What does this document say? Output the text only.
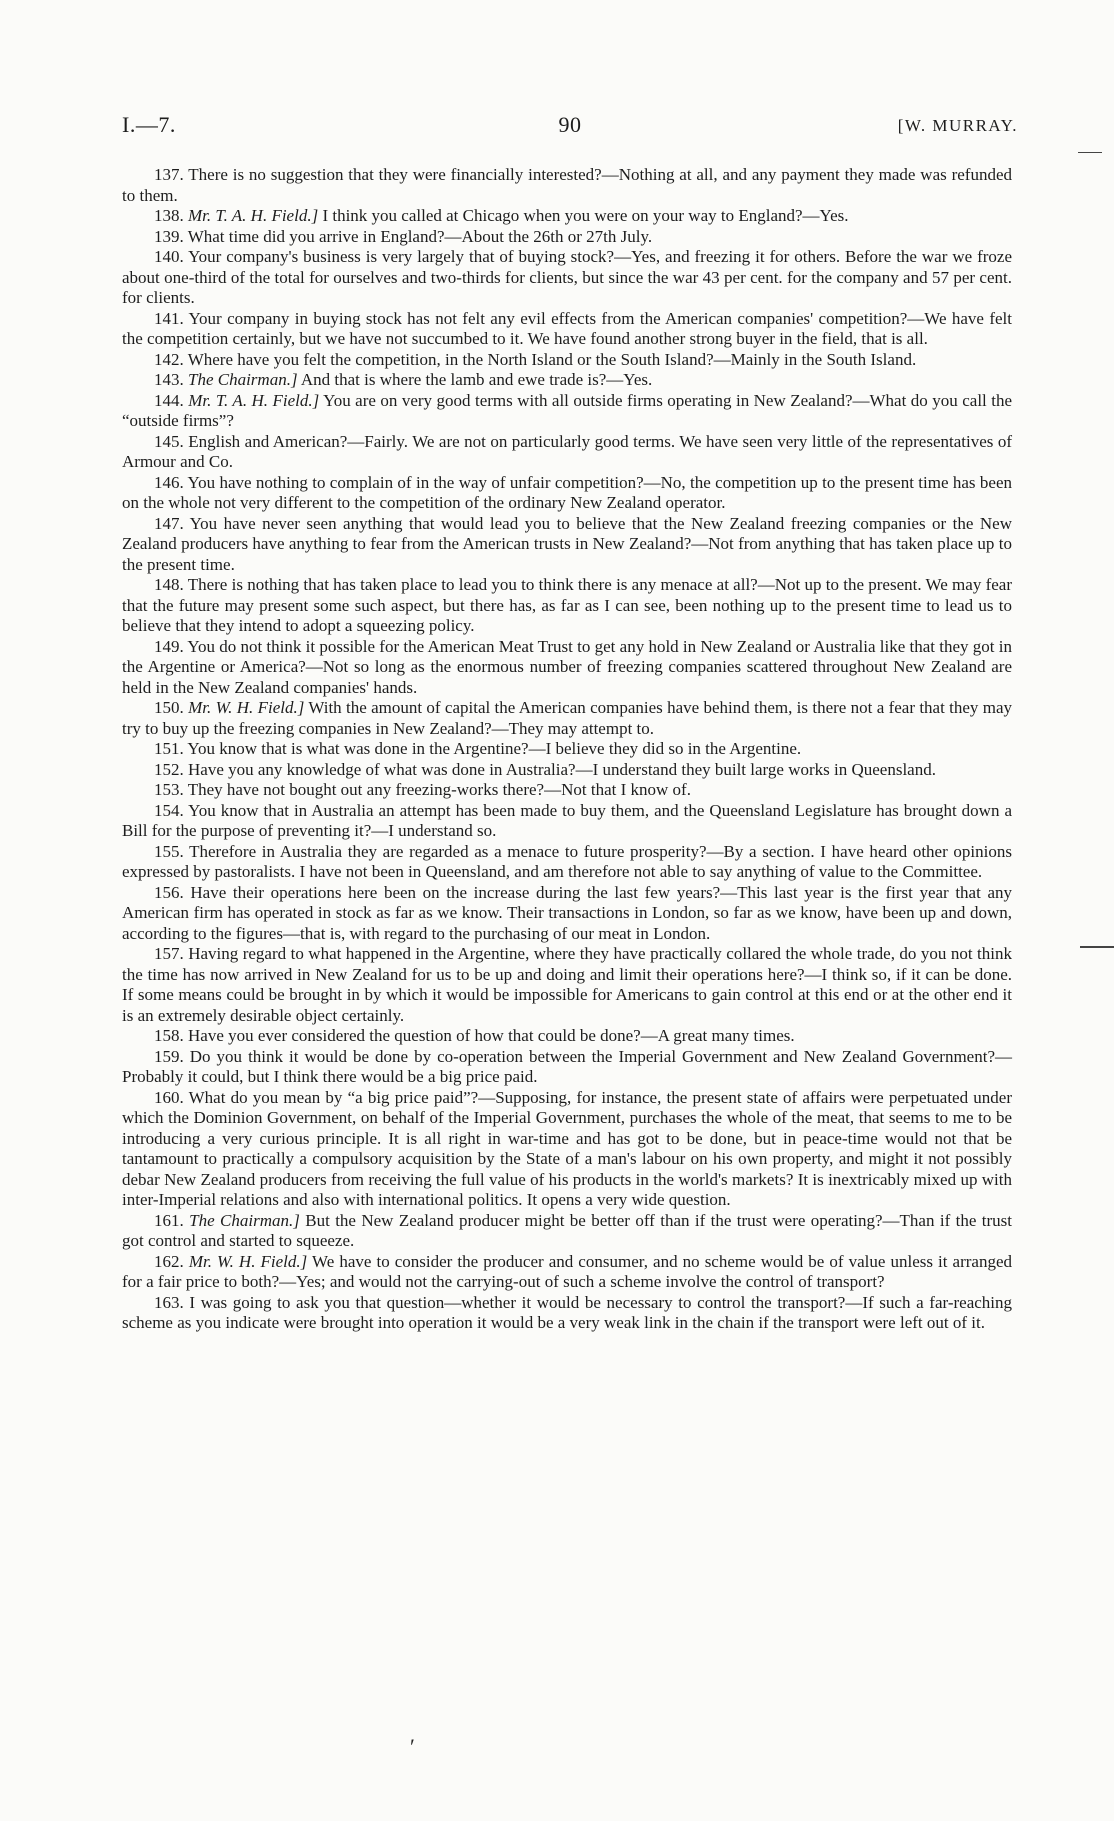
I.—7.	90	[W. MURRAY.
′

137. There is no suggestion that they were financially interested?—Nothing at all, and any payment they made was refunded to them.

138. Mr. T. A. H. Field.] I think you called at Chicago when you were on your way to England?—Yes.

139. What time did you arrive in England?—About the 26th or 27th July.

140. Your company's business is very largely that of buying stock?—Yes, and freezing it for others. Before the war we froze about one-third of the total for ourselves and two-thirds for clients, but since the war 43 per cent. for the company and 57 per cent. for clients.

141. Your company in buying stock has not felt any evil effects from the American companies' competition?—We have felt the competition certainly, but we have not succumbed to it. We have found another strong buyer in the field, that is all.

142. Where have you felt the competition, in the North Island or the South Island?—Mainly in the South Island.

143. The Chairman.] And that is where the lamb and ewe trade is?—Yes.

144. Mr. T. A. H. Field.] You are on very good terms with all outside firms operating in New Zealand?—What do you call the “outside firms”?

145. English and American?—Fairly. We are not on particularly good terms. We have seen very little of the representatives of Armour and Co.

146. You have nothing to complain of in the way of unfair competition?—No, the competition up to the present time has been on the whole not very different to the competition of the ordinary New Zealand operator.

147. You have never seen anything that would lead you to believe that the New Zealand freezing companies or the New Zealand producers have anything to fear from the American trusts in New Zealand?—Not from anything that has taken place up to the present time.

148. There is nothing that has taken place to lead you to think there is any menace at all?—Not up to the present. We may fear that the future may present some such aspect, but there has, as far as I can see, been nothing up to the present time to lead us to believe that they intend to adopt a squeezing policy.

149. You do not think it possible for the American Meat Trust to get any hold in New Zealand or Australia like that they got in the Argentine or America?—Not so long as the enormous number of freezing companies scattered throughout New Zealand are held in the New Zealand companies' hands.

150. Mr. W. H. Field.] With the amount of capital the American companies have behind them, is there not a fear that they may try to buy up the freezing companies in New Zealand?—They may attempt to.

151. You know that is what was done in the Argentine?—I believe they did so in the Argentine.

152. Have you any knowledge of what was done in Australia?—I understand they built large works in Queensland.

153. They have not bought out any freezing-works there?—Not that I know of.

154. You know that in Australia an attempt has been made to buy them, and the Queensland Legislature has brought down a Bill for the purpose of preventing it?—I understand so.

155. Therefore in Australia they are regarded as a menace to future prosperity?—By a section. I have heard other opinions expressed by pastoralists. I have not been in Queensland, and am therefore not able to say anything of value to the Committee.

156. Have their operations here been on the increase during the last few years?—This last year is the first year that any American firm has operated in stock as far as we know. Their transactions in London, so far as we know, have been up and down, according to the figures—that is, with regard to the purchasing of our meat in London.

157. Having regard to what happened in the Argentine, where they have practically collared the whole trade, do you not think the time has now arrived in New Zealand for us to be up and doing and limit their operations here?—I think so, if it can be done. If some means could be brought in by which it would be impossible for Americans to gain control at this end or at the other end it is an extremely desirable object certainly.

158. Have you ever considered the question of how that could be done?—A great many times.

159. Do you think it would be done by co-operation between the Imperial Government and New Zealand Government?—Probably it could, but I think there would be a big price paid.

160. What do you mean by “a big price paid”?—Supposing, for instance, the present state of affairs were perpetuated under which the Dominion Government, on behalf of the Imperial Government, purchases the whole of the meat, that seems to me to be introducing a very curious principle. It is all right in war-time and has got to be done, but in peace-time would not that be tantamount to practically a compulsory acquisition by the State of a man's labour on his own property, and might it not possibly debar New Zealand producers from receiving the full value of his products in the world's markets? It is inextricably mixed up with inter-Imperial relations and also with international politics. It opens a very wide question.

161. The Chairman.] But the New Zealand producer might be better off than if the trust were operating?—Than if the trust got control and started to squeeze.

162. Mr. W. H. Field.] We have to consider the producer and consumer, and no scheme would be of value unless it arranged for a fair price to both?—Yes; and would not the carrying-out of such a scheme involve the control of transport?

163. I was going to ask you that question—whether it would be necessary to control the transport?—If such a far-reaching scheme as you indicate were brought into operation it would be a very weak link in the chain if the transport were left out of it.
